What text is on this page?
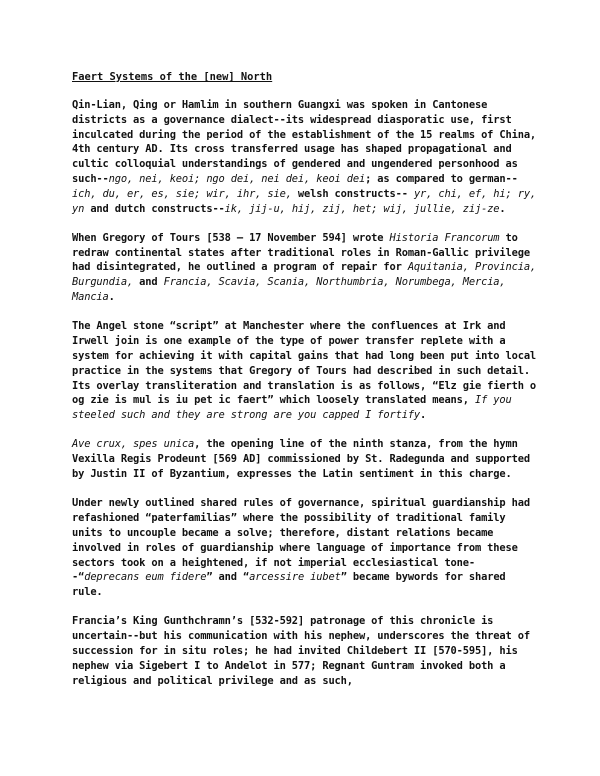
Faert Systems of the [new] North

Qin-Lian, Qing or Hamlim in southern Guangxi was spoken in Cantonese districts as a governance dialect--its widespread diasporatic use, first inculcated during the period of the establishment of the 15 realms of China, 4th century AD. Its cross transferred usage has shaped propagational and cultic colloquial understandings of gendered and ungendered personhood as such--ngo, nei, keoi; ngo dei, nei dei, keoi dei; as compared to german--ich, du, er, es, sie; wir, ihr, sie, welsh constructs-- yr, chi, ef, hi; ry, yn and dutch constructs--ik, jij-u, hij, zij, het; wij, jullie, zij-ze.

When Gregory of Tours [538 – 17 November 594] wrote Historia Francorum to redraw continental states after traditional roles in Roman-Gallic privilege had disintegrated, he outlined a program of repair for Aquitania, Provincia, Burgundia, and Francia, Scavia, Scania, Northumbria, Norumbega, Mercia, Mancia.

The Angel stone “script” at Manchester where the confluences at Irk and Irwell join is one example of the type of power transfer replete with a system for achieving it with capital gains that had long been put into local practice in the systems that Gregory of Tours had described in such detail. Its overlay transliteration and translation is as follows, “Elz gie fierth o og zie is mul is iu pet ic faert” which loosely translated means, If you steeled such and they are strong are you capped I fortify.

Ave crux, spes unica, the opening line of the ninth stanza, from the hymn Vexilla Regis Prodeunt [569 AD] commissioned by St. Radegunda and supported by Justin II of Byzantium, expresses the Latin sentiment in this charge.

Under newly outlined shared rules of governance, spiritual guardianship had refashioned “paterfamilias” where the possibility of traditional family units to uncouple became a solve; therefore, distant relations became involved in roles of guardianship where language of importance from these sectors took on a heightened, if not imperial ecclesiastical tone--“deprecans eum fidere” and “arcessire iubet” became bywords for shared rule.

Francia’s King Gunthchramn’s [532-592] patronage of this chronicle is uncertain--but his communication with his nephew, underscores the threat of succession for in situ roles; he had invited Childebert II [570-595], his nephew via Sigebert I to Andelot in 577; Regnant Guntram invoked both a religious and political privilege and as such,
